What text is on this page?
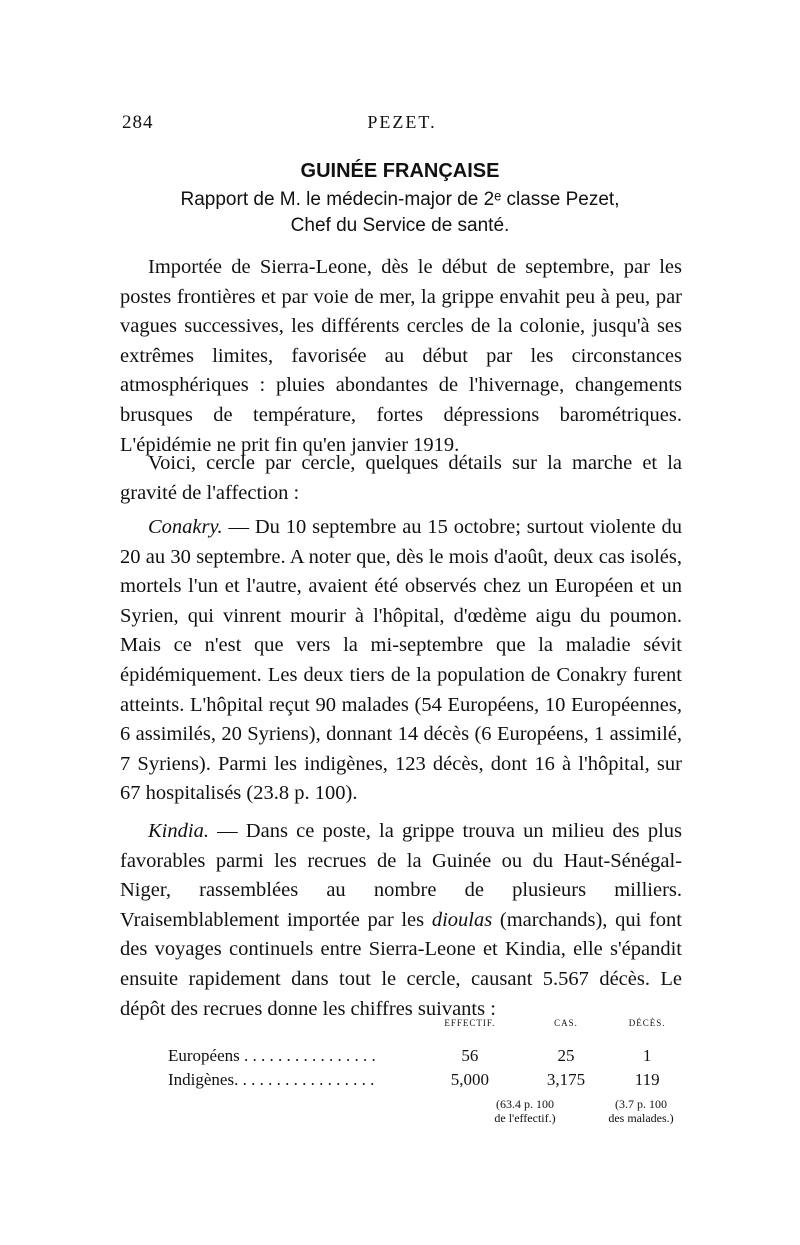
284	PEZET.
GUINÉE FRANÇAISE
Rapport de M. le médecin-major de 2ᵉ classe Pezet,
Chef du Service de santé.

Importée de Sierra-Leone, dès le début de septembre, par les postes frontières et par voie de mer, la grippe envahit peu à peu, par vagues successives, les différents cercles de la colonie, jusqu'à ses extrêmes limites, favorisée au début par les circonstances atmosphériques : pluies abondantes de l'hivernage, changements brusques de température, fortes dépressions barométriques. L'épidémie ne prit fin qu'en janvier 1919.

Voici, cercle par cercle, quelques détails sur la marche et la gravité de l'affection :

Conakry. — Du 10 septembre au 15 octobre; surtout violente du 20 au 30 septembre. A noter que, dès le mois d'août, deux cas isolés, mortels l'un et l'autre, avaient été observés chez un Européen et un Syrien, qui vinrent mourir à l'hôpital, d'œdème aigu du poumon. Mais ce n'est que vers la mi-septembre que la maladie sévit épidémiquement. Les deux tiers de la population de Conakry furent atteints. L'hôpital reçut 90 malades (54 Européens, 10 Européennes, 6 assimilés, 20 Syriens), donnant 14 décès (6 Européens, 1 assimilé, 7 Syriens). Parmi les indigènes, 123 décès, dont 16 à l'hôpital, sur 67 hospitalisés (23.8 p. 100).

Kindia. — Dans ce poste, la grippe trouva un milieu des plus favorables parmi les recrues de la Guinée ou du Haut-Sénégal-Niger, rassemblées au nombre de plusieurs milliers. Vraisemblablement importée par les dioulas (marchands), qui font des voyages continuels entre Sierra-Leone et Kindia, elle s'épandit ensuite rapidement dans tout le cercle, causant 5.567 décès. Le dépôt des recrues donne les chiffres suivants :

	EFFECTIF.	CAS.	DÉCÈS.
Européens . . . . . . . . . . . . . . . .	56	25	1
Indigènes. . . . . . . . . . . . . . . . .	5,000	3,175	119
(63.4 p. 100
de l'effectif.)
(3.7 p. 100
des malades.)
